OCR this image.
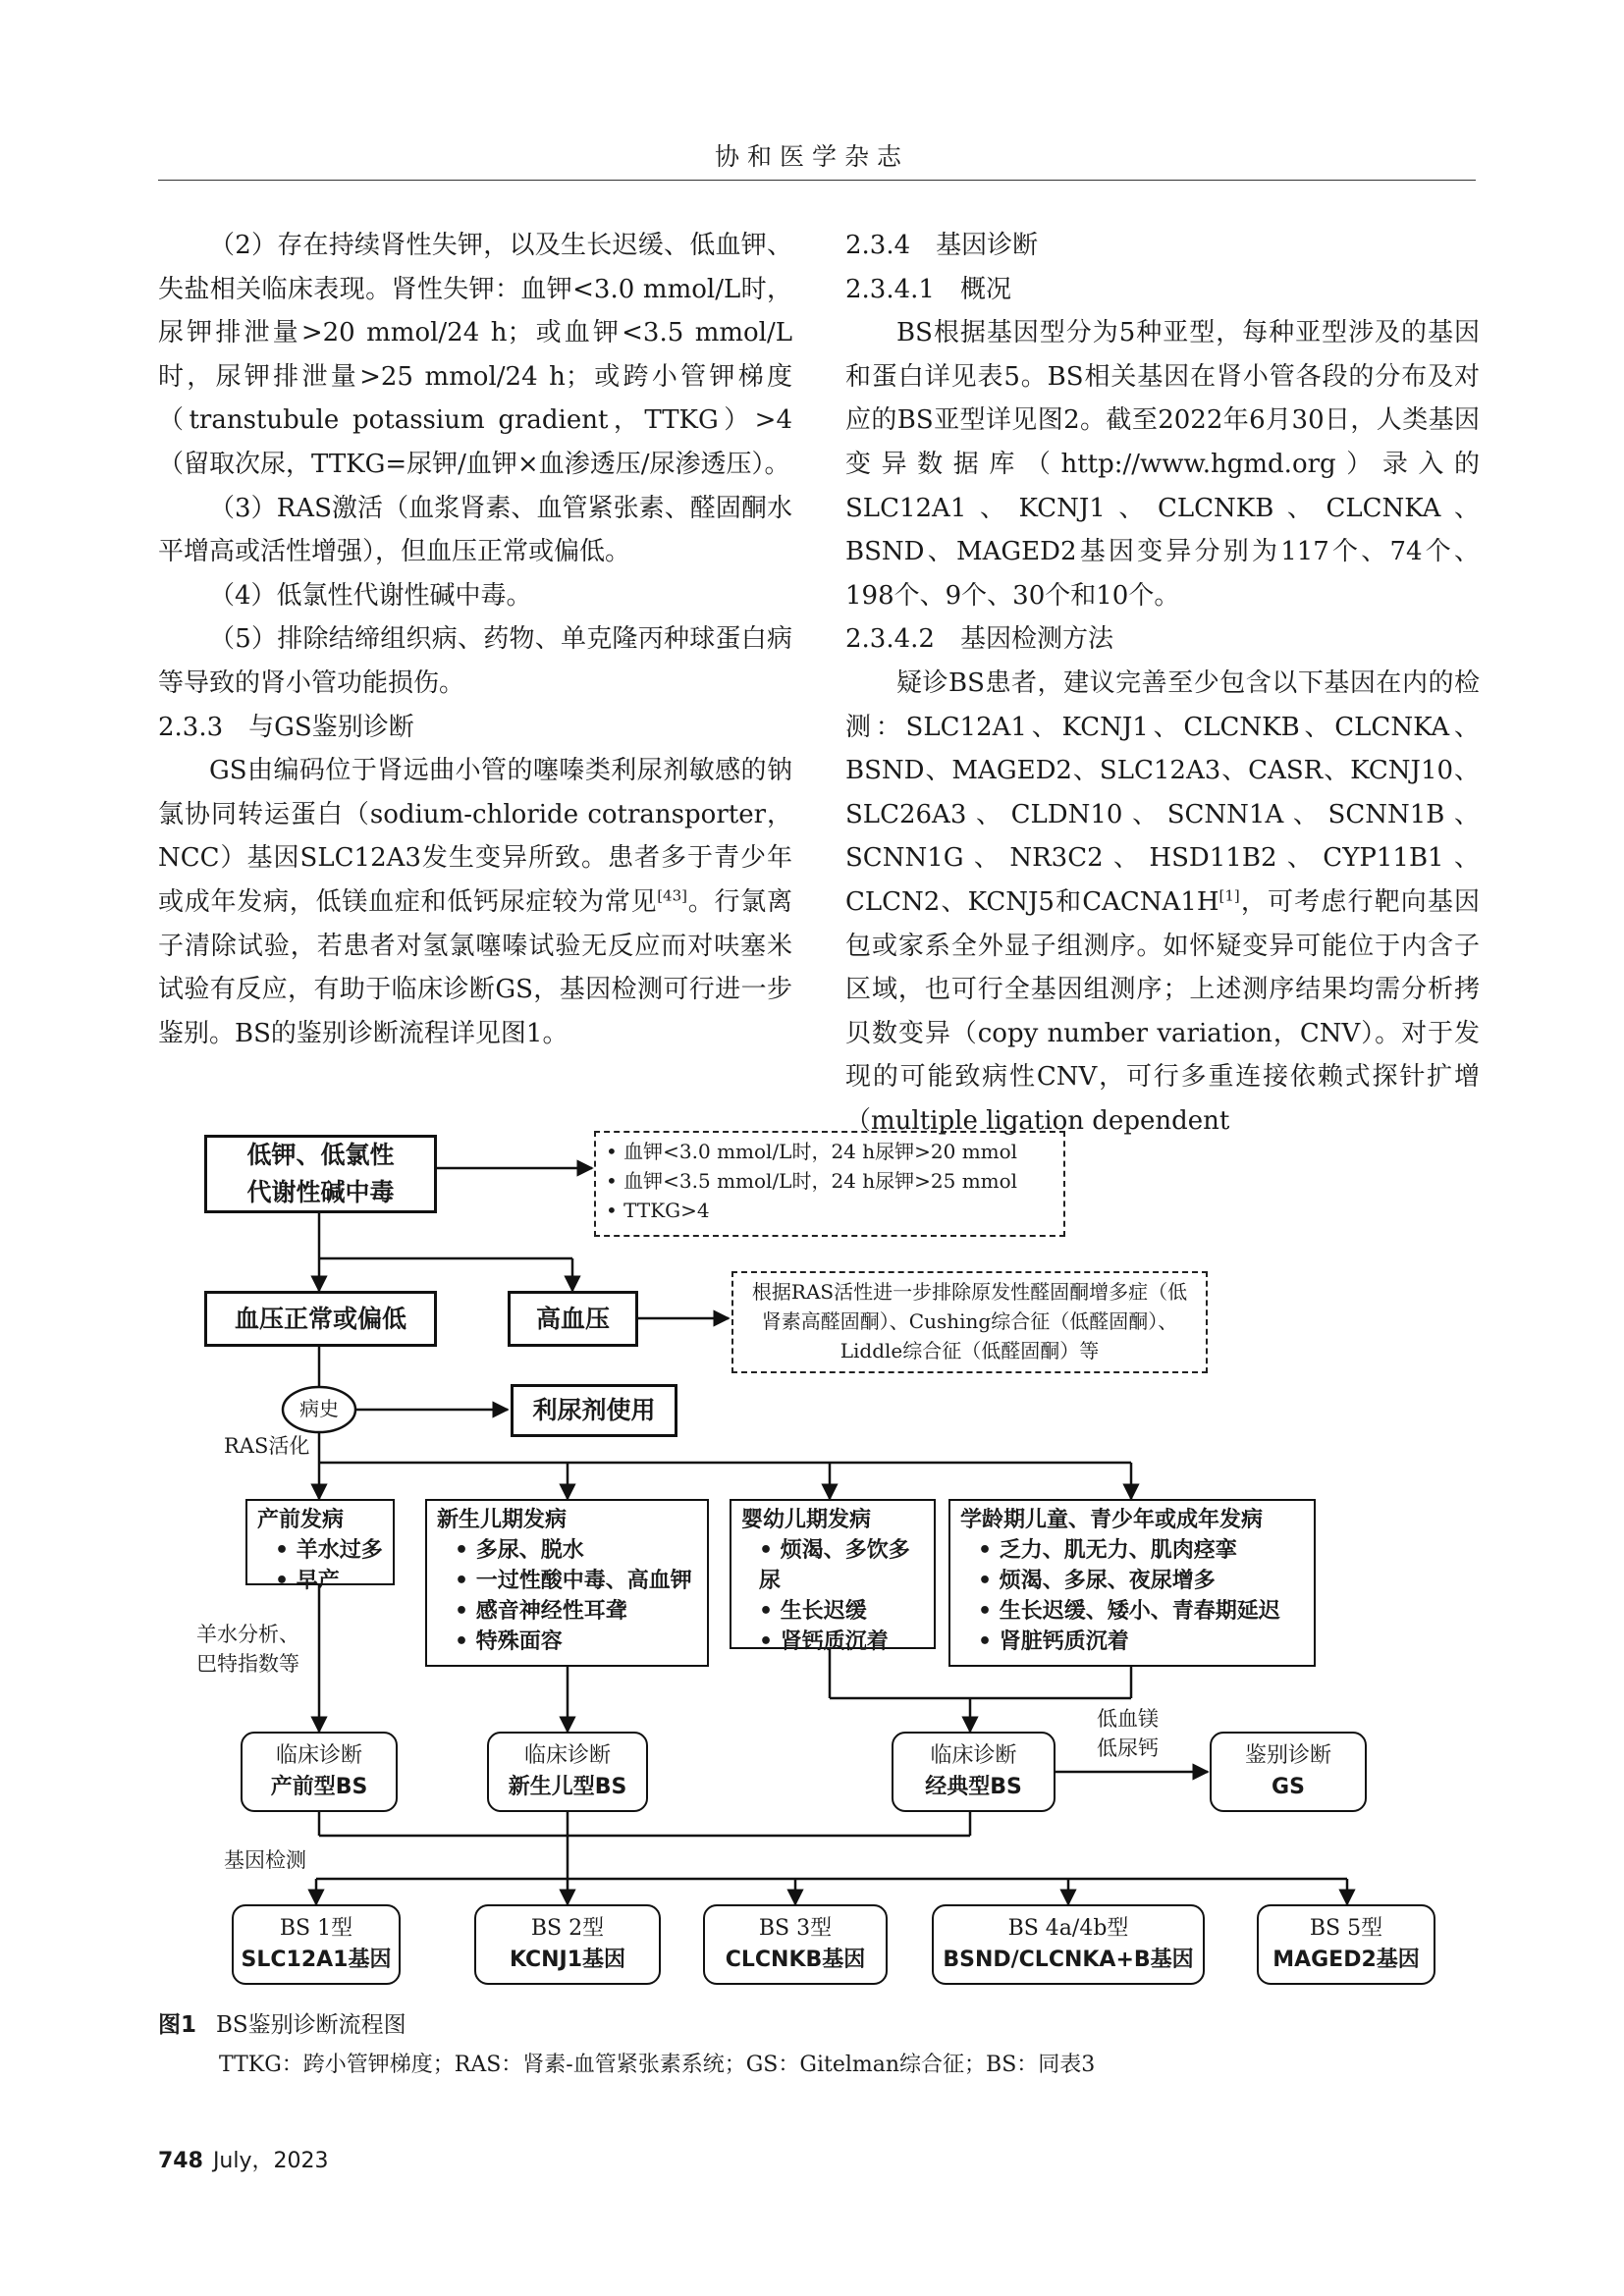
协和医学杂志

（2）存在持续肾性失钾，以及生长迟缓、低血钾、失盐相关临床表现。肾性失钾：血钾<3.0 mmol/L时，尿钾排泄量>20 mmol/24 h；或血钾<3.5 mmol/L时，尿钾排泄量>25 mmol/24 h；或跨小管钾梯度（transtubule potassium gradient，TTKG）>4（留取次尿，TTKG=尿钾/血钾×血渗透压/尿渗透压）。

（3）RAS激活（血浆肾素、血管紧张素、醛固酮水平增高或活性增强），但血压正常或偏低。

（4）低氯性代谢性碱中毒。

（5）排除结缔组织病、药物、单克隆丙种球蛋白病等导致的肾小管功能损伤。

2.3.3　与GS鉴别诊断

GS由编码位于肾远曲小管的噻嗪类利尿剂敏感的钠氯协同转运蛋白（sodium-chloride cotransporter，NCC）基因SLC12A3发生变异所致。患者多于青少年或成年发病，低镁血症和低钙尿症较为常见[43]。行氯离子清除试验，若患者对氢氯噻嗪试验无反应而对呋塞米试验有反应，有助于临床诊断GS，基因检测可行进一步鉴别。BS的鉴别诊断流程详见图1。

2.3.4　基因诊断

2.3.4.1　概况

BS根据基因型分为5种亚型，每种亚型涉及的基因和蛋白详见表5。BS相关基因在肾小管各段的分布及对应的BS亚型详见图2。截至2022年6月30日，人类基因变异数据库（http://www.hgmd.org）录入的SLC12A1、KCNJ1、CLCNKB、CLCNKA、BSND、MAGED2基因变异分别为117个、74个、198个、9个、30个和10个。

2.3.4.2　基因检测方法

疑诊BS患者，建议完善至少包含以下基因在内的检测：SLC12A1、KCNJ1、CLCNKB、CLCNKA、BSND、MAGED2、SLC12A3、CASR、KCNJ10、SLC26A3、CLDN10、SCNN1A、SCNN1B、SCNN1G、NR3C2、HSD11B2、CYP11B1、CLCN2、KCNJ5和CACNA1H[1]，可考虑行靶向基因包或家系全外显子组测序。如怀疑变异可能位于内含子区域，也可行全基因组测序；上述测序结果均需分析拷贝数变异（copy number variation，CNV）。对于发现的可能致病性CNV，可行多重连接依赖式探针扩增（multiple ligation dependent

低钾、低氯性
代谢性碱中毒
• 血钾<3.0 mmol/L时，24 h尿钾>20 mmol
• 血钾<3.5 mmol/L时，24 h尿钾>25 mmol
• TTKG>4
血压正常或偏低	高血压
根据RAS活性进一步排除原发性醛固酮增多症（低肾素高醛固酮）、Cushing综合征（低醛固酮）、Liddle综合征（低醛固酮）等
病史	利尿剂使用
RAS活化
产前发病
• 羊水过多
• 早产
新生儿期发病
• 多尿、脱水
• 一过性酸中毒、高血钾
• 感音神经性耳聋
• 特殊面容
婴幼儿期发病
• 烦渴、多饮多尿
• 生长迟缓
• 肾钙质沉着
学龄期儿童、青少年或成年发病
• 乏力、肌无力、肌肉痉挛
• 烦渴、多尿、夜尿增多
• 生长迟缓、矮小、青春期延迟
• 肾脏钙质沉着
羊水分析、
巴特指数等
临床诊断
产前型BS
临床诊断
新生儿型BS
临床诊断
经典型BS
低血镁
低尿钙	鉴别诊断
GS
基因检测
BS 1型
SLC12A1基因
BS 2型
KCNJ1基因
BS 3型
CLCNKB基因
BS 4a/4b型
BSND/CLCNKA+B基因
BS 5型
MAGED2基因
图1 BS鉴别诊断流程图
TTKG：跨小管钾梯度；RAS：肾素-血管紧张素系统；GS：Gitelman综合征；BS：同表3
748 July，2023
